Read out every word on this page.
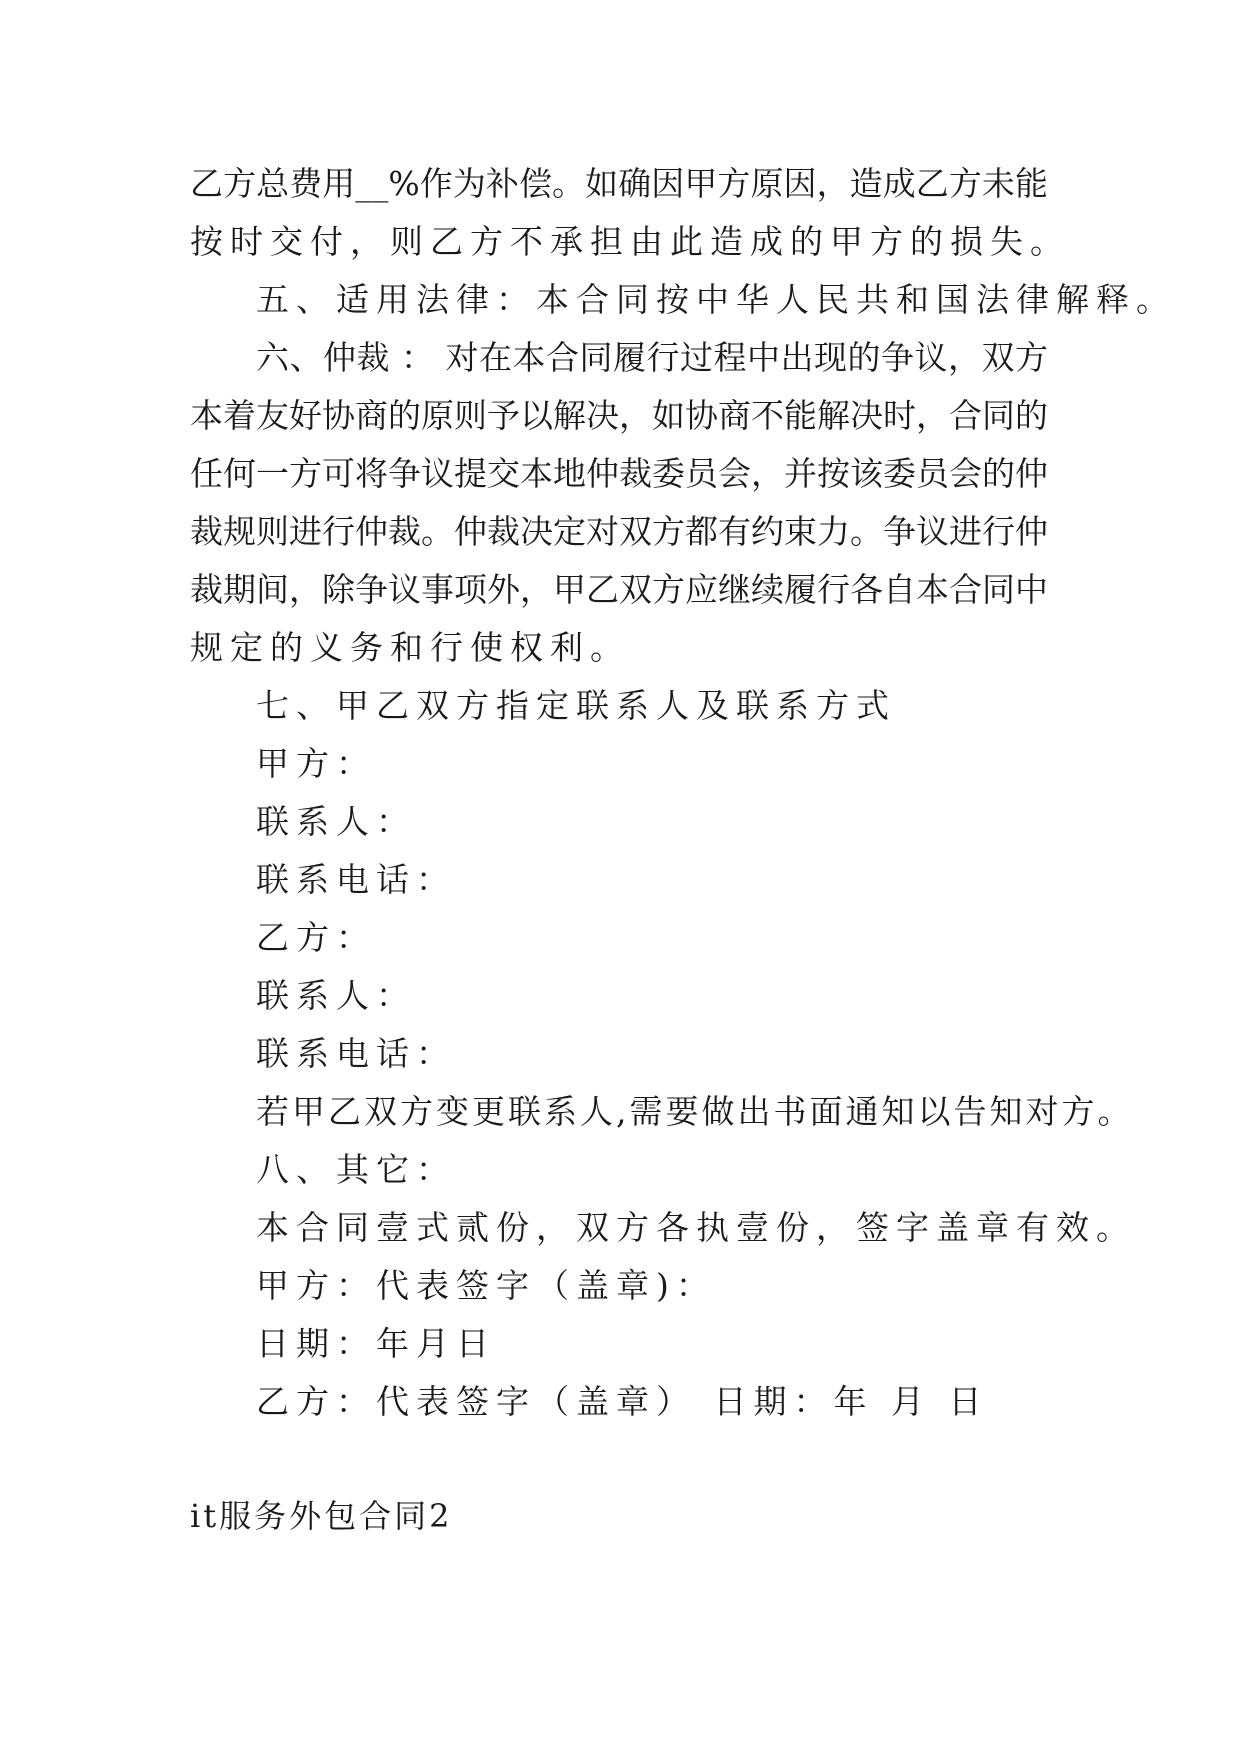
乙方总费用__%作为补偿。如确因甲方原因，造成乙方未能
按时交付，则乙方不承担由此造成的甲方的损失。
五、适用法律：本合同按中华人民共和国法律解释。
六、仲裁 ： 对在本合同履行过程中出现的争议，双方
本着友好协商的原则予以解决，如协商不能解决时，合同的
任何一方可将争议提交本地仲裁委员会，并按该委员会的仲
裁规则进行仲裁。仲裁决定对双方都有约束力。争议进行仲
裁期间，除争议事项外，甲乙双方应继续履行各自本合同中
规定的义务和行使权利。
七、甲乙双方指定联系人及联系方式
甲方：
联系人：
联系电话：
乙方：
联系人：
联系电话：
若甲乙双方变更联系人,需要做出书面通知以告知对方。
八、其它：
本合同壹式贰份，双方各执壹份，签字盖章有效。
甲方：代表签字（盖章)：
日期：年月日
乙方：代表签字（盖章） 日期：年 月 日
it服务外包合同2
